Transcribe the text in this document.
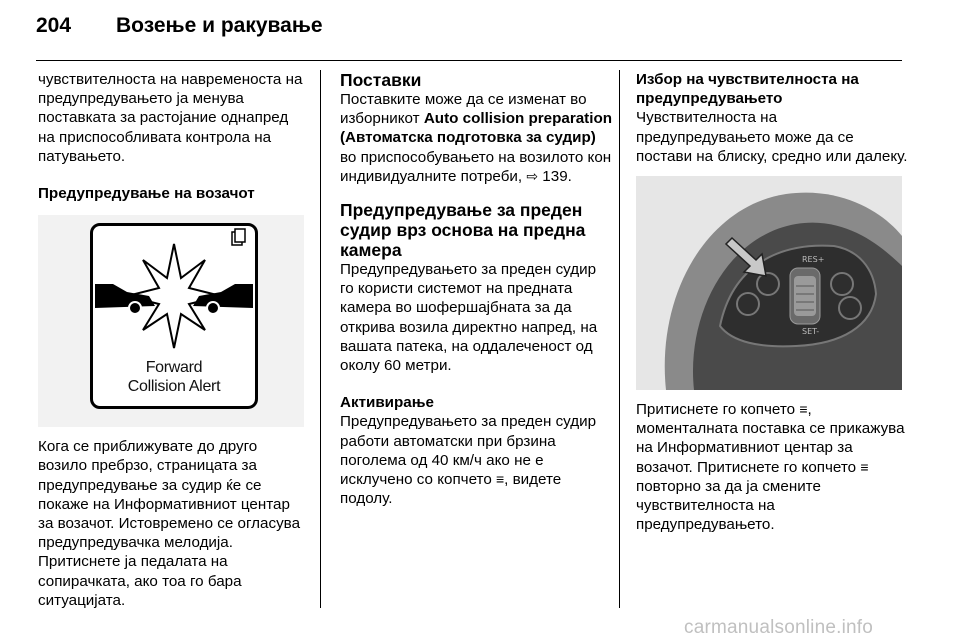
204	Возење и ракување

чувствителноста на навременоста на предупредувањето ја менува поставката за растојание однапред на приспособливата контрола на патувањето.

Предупредување на возачот

Forward
Collision Alert

Кога се приближувате до друго возило пребрзо, страницата за предупредување за судир ќе се покаже на Информативниот центар за возачот. Истовремено се огласува предупредувачка мелодија. Притиснете ја педалата на сопирачката, ако тоа го бара ситуацијата.

Поставки

Поставките може да се изменат во изборникот Auto collision preparation (Автоматска подготовка за судир) во приспособувањето на возилото кон индивидуалните потреби, ⇨ 139.

Предупредување за преден судир врз основа на предна камера

Предупредувањето за преден судир го користи системот на предната камера во шофершајбната за да открива возила директно напред, на вашата патека, на оддалеченост од околу 60 метри.

Активирање

Предупредувањето за преден судир работи автоматски при брзина поголема од 40 км/ч ако не е исклучено со копчето ≡, видете подолу.

Избор на чувствителноста на предупредувањето

Чувствителноста на предупредувањето може да се постави на блиску, средно или далеку.

RES+
SET-

Притиснете го копчето ≡, моменталната поставка се прикажува на Информативниот центар за возачот. Притиснете го копчето ≡ повторно за да ја смените чувствителноста на предупредувањето.

carmanualsonline.info
